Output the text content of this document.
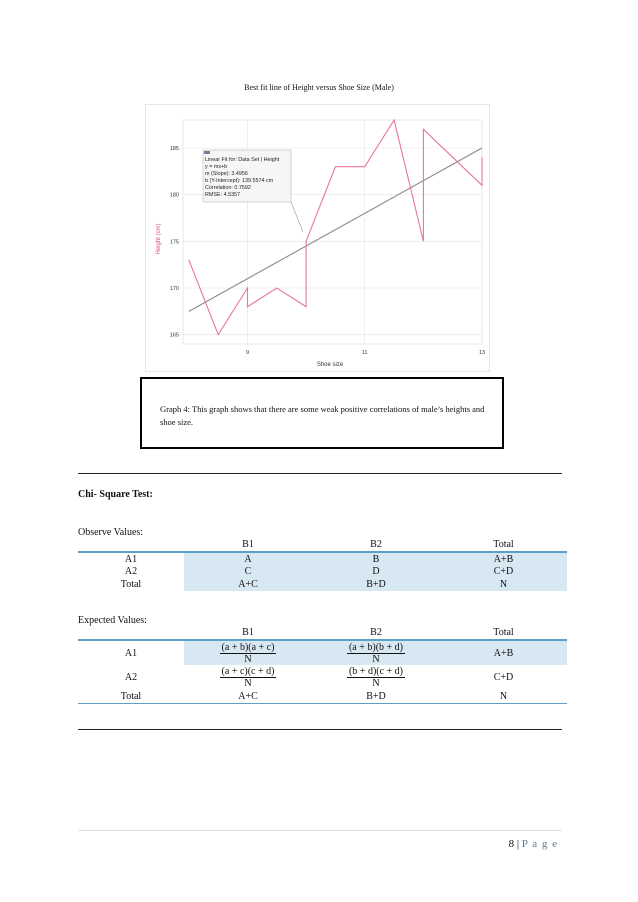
Best fit line of Height versus Shoe Size (Male)
165
170
175
180
185
9	11	13
Height (cm)
Shoe size
Linear Fit for: Data Set | Height
y = mx+b
m (Slope): 3.4956
b (Y-Intercept): 139.5574 cm
Correlation: 0.7592
RMSE: 4.5357
Graph 4: This graph shows that there are some weak positive correlations of male’s heights and shoe size.
Chi- Square Test:
Observe Values:
	B1	B2	Total
A1	A	B	A+B
A2	C	D	C+D
Total	A+C	B+D	N
Expected Values:
	B1	B2	Total
A1	$\frac{(a + b)(a + c)}{N}$	$\frac{(a + b)(b + d)}{N}$	A+B
A2	$\frac{(a + c)(c + d)}{N}$	$\frac{(b + d)(c + d)}{N}$	C+D
Total	A+C	B+D	N
8 | P a g e
